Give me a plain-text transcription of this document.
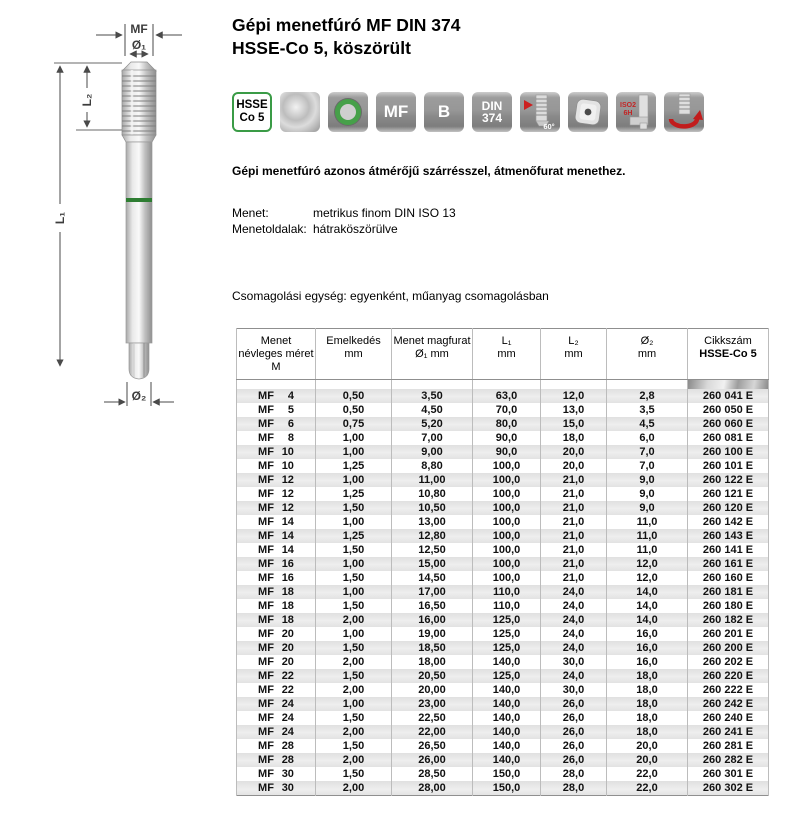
MF
Ø₁
L₂
L₁
Ø₂
Gépi menetfúró MF DIN 374
HSSE-Co 5, köszörült
HSSE
Co 5	MF B	DIN
374
60°
ISO2
6H
Gépi menetfúró azonos átmérőjű szárrésszel, átmenőfurat menethez.
Menet:	metrikus finom DIN ISO 13
Menetoldalak: hátraköszörülve
Csomagolási egység: egyenként, műanyag csomagolásban
Menet
névleges méret
M

Emelkedés
mm

Menet magfurat
Ø₁ mm

L₁
mm

L₂
mm

Ø₂
mm

Cikkszám
HSSE-Co 5

MF 4	0,50	3,50	63,0	12,0	2,8	260 041 E

MF 5	0,50	4,50	70,0	13,0	3,5	260 050 E

MF 6	0,75	5,20	80,0	15,0	4,5	260 060 E

MF 8	1,00	7,00	90,0	18,0	6,0	260 081 E

MF 10	1,00	9,00	90,0	20,0	7,0	260 100 E

MF 10	1,25	8,80	100,0	20,0	7,0	260 101 E

MF 12	1,00	11,00	100,0	21,0	9,0	260 122 E

MF 12	1,25	10,80	100,0	21,0	9,0	260 121 E

MF 12	1,50	10,50	100,0	21,0	9,0	260 120 E

MF 14	1,00	13,00	100,0	21,0	11,0	260 142 E

MF 14	1,25	12,80	100,0	21,0	11,0	260 143 E

MF 14	1,50	12,50	100,0	21,0	11,0	260 141 E

MF 16	1,00	15,00	100,0	21,0	12,0	260 161 E

MF 16	1,50	14,50	100,0	21,0	12,0	260 160 E

MF 18	1,00	17,00	110,0	24,0	14,0	260 181 E

MF 18	1,50	16,50	110,0	24,0	14,0	260 180 E

MF 18	2,00	16,00	125,0	24,0	14,0	260 182 E

MF 20	1,00	19,00	125,0	24,0	16,0	260 201 E

MF 20	1,50	18,50	125,0	24,0	16,0	260 200 E

MF 20	2,00	18,00	140,0	30,0	16,0	260 202 E

MF 22	1,50	20,50	125,0	24,0	18,0	260 220 E

MF 22	2,00	20,00	140,0	30,0	18,0	260 222 E

MF 24	1,00	23,00	140,0	26,0	18,0	260 242 E

MF 24	1,50	22,50	140,0	26,0	18,0	260 240 E

MF 24	2,00	22,00	140,0	26,0	18,0	260 241 E

MF 28	1,50	26,50	140,0	26,0	20,0	260 281 E

MF 28	2,00	26,00	140,0	26,0	20,0	260 282 E

MF 30	1,50	28,50	150,0	28,0	22,0	260 301 E

MF 30	2,00	28,00	150,0	28,0	22,0	260 302 E
